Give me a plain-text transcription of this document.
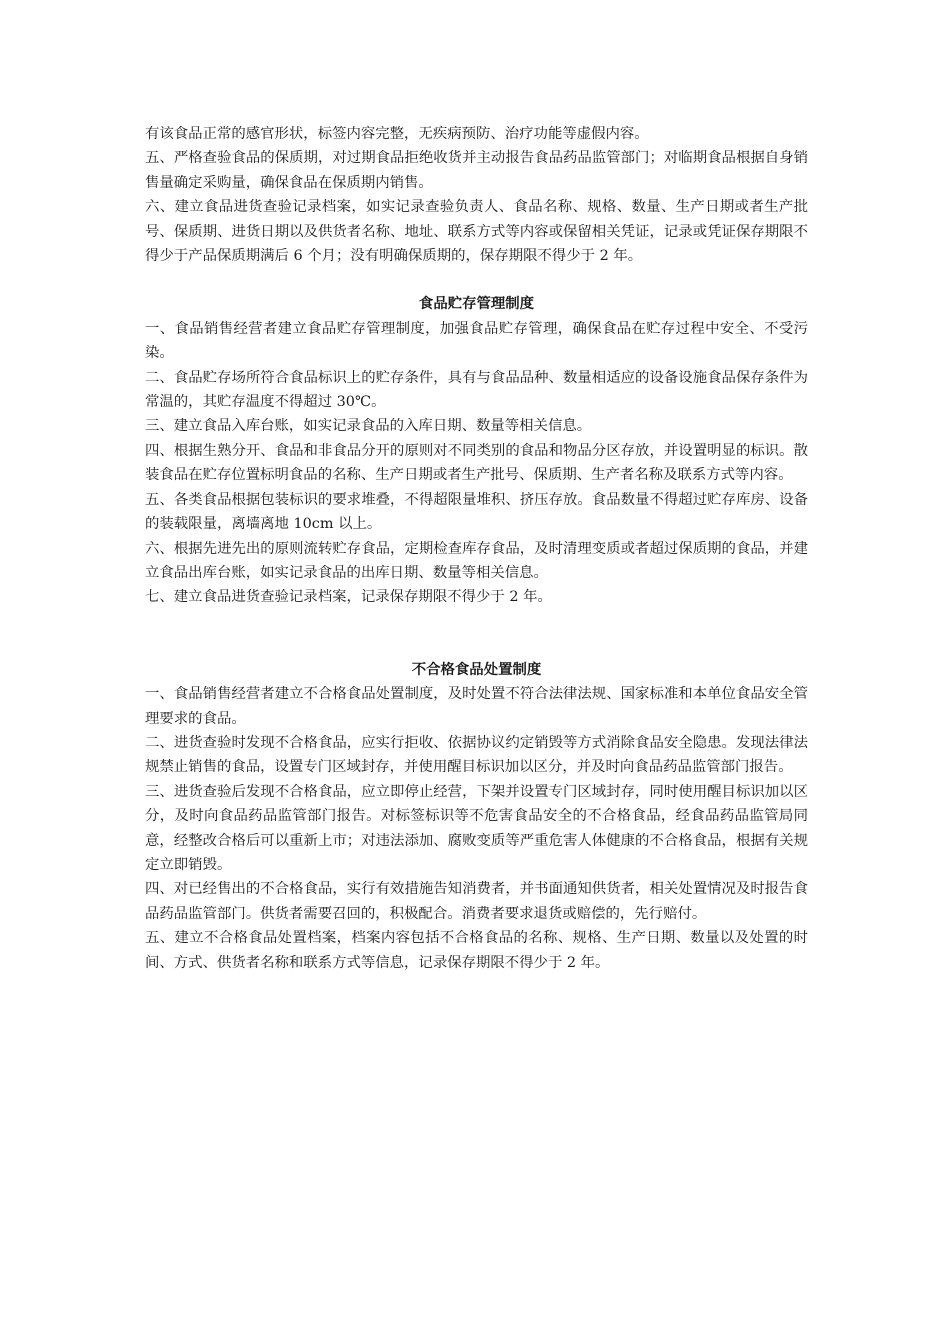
有该食品正常的感官形状，标签内容完整，无疾病预防、治疗功能等虚假内容。

五、严格查验食品的保质期，对过期食品拒绝收货并主动报告食品药品监管部门；对临期食品根据自身销售量确定采购量，确保食品在保质期内销售。

六、建立食品进货查验记录档案，如实记录查验负责人、食品名称、规格、数量、生产日期或者生产批号、保质期、进货日期以及供货者名称、地址、联系方式等内容或保留相关凭证，记录或凭证保存期限不得少于产品保质期满后 6 个月；没有明确保质期的，保存期限不得少于 2 年。

食品贮存管理制度

一、食品销售经营者建立食品贮存管理制度，加强食品贮存管理，确保食品在贮存过程中安全、不受污染。

二、食品贮存场所符合食品标识上的贮存条件，具有与食品品种、数量相适应的设备设施食品保存条件为常温的，其贮存温度不得超过 30℃。

三、建立食品入库台账，如实记录食品的入库日期、数量等相关信息。

四、根据生熟分开、食品和非食品分开的原则对不同类别的食品和物品分区存放，并设置明显的标识。散装食品在贮存位置标明食品的名称、生产日期或者生产批号、保质期、生产者名称及联系方式等内容。

五、各类食品根据包装标识的要求堆叠，不得超限量堆积、挤压存放。食品数量不得超过贮存库房、设备的装载限量，离墙离地 10cm 以上。

六、根据先进先出的原则流转贮存食品，定期检查库存食品，及时清理变质或者超过保质期的食品，并建立食品出库台账，如实记录食品的出库日期、数量等相关信息。

七、建立食品进货查验记录档案，记录保存期限不得少于 2 年。

不合格食品处置制度

一、食品销售经营者建立不合格食品处置制度，及时处置不符合法律法规、国家标准和本单位食品安全管理要求的食品。

二、进货查验时发现不合格食品，应实行拒收、依据协议约定销毁等方式消除食品安全隐患。发现法律法规禁止销售的食品，设置专门区域封存，并使用醒目标识加以区分，并及时向食品药品监管部门报告。

三、进货查验后发现不合格食品，应立即停止经营，下架并设置专门区域封存，同时使用醒目标识加以区分，及时向食品药品监管部门报告。对标签标识等不危害食品安全的不合格食品，经食品药品监管局同意，经整改合格后可以重新上市；对违法添加、腐败变质等严重危害人体健康的不合格食品，根据有关规定立即销毁。

四、对已经售出的不合格食品，实行有效措施告知消费者，并书面通知供货者，相关处置情况及时报告食品药品监管部门。供货者需要召回的，积极配合。消费者要求退货或赔偿的，先行赔付。

五、建立不合格食品处置档案，档案内容包括不合格食品的名称、规格、生产日期、数量以及处置的时间、方式、供货者名称和联系方式等信息，记录保存期限不得少于 2 年。
